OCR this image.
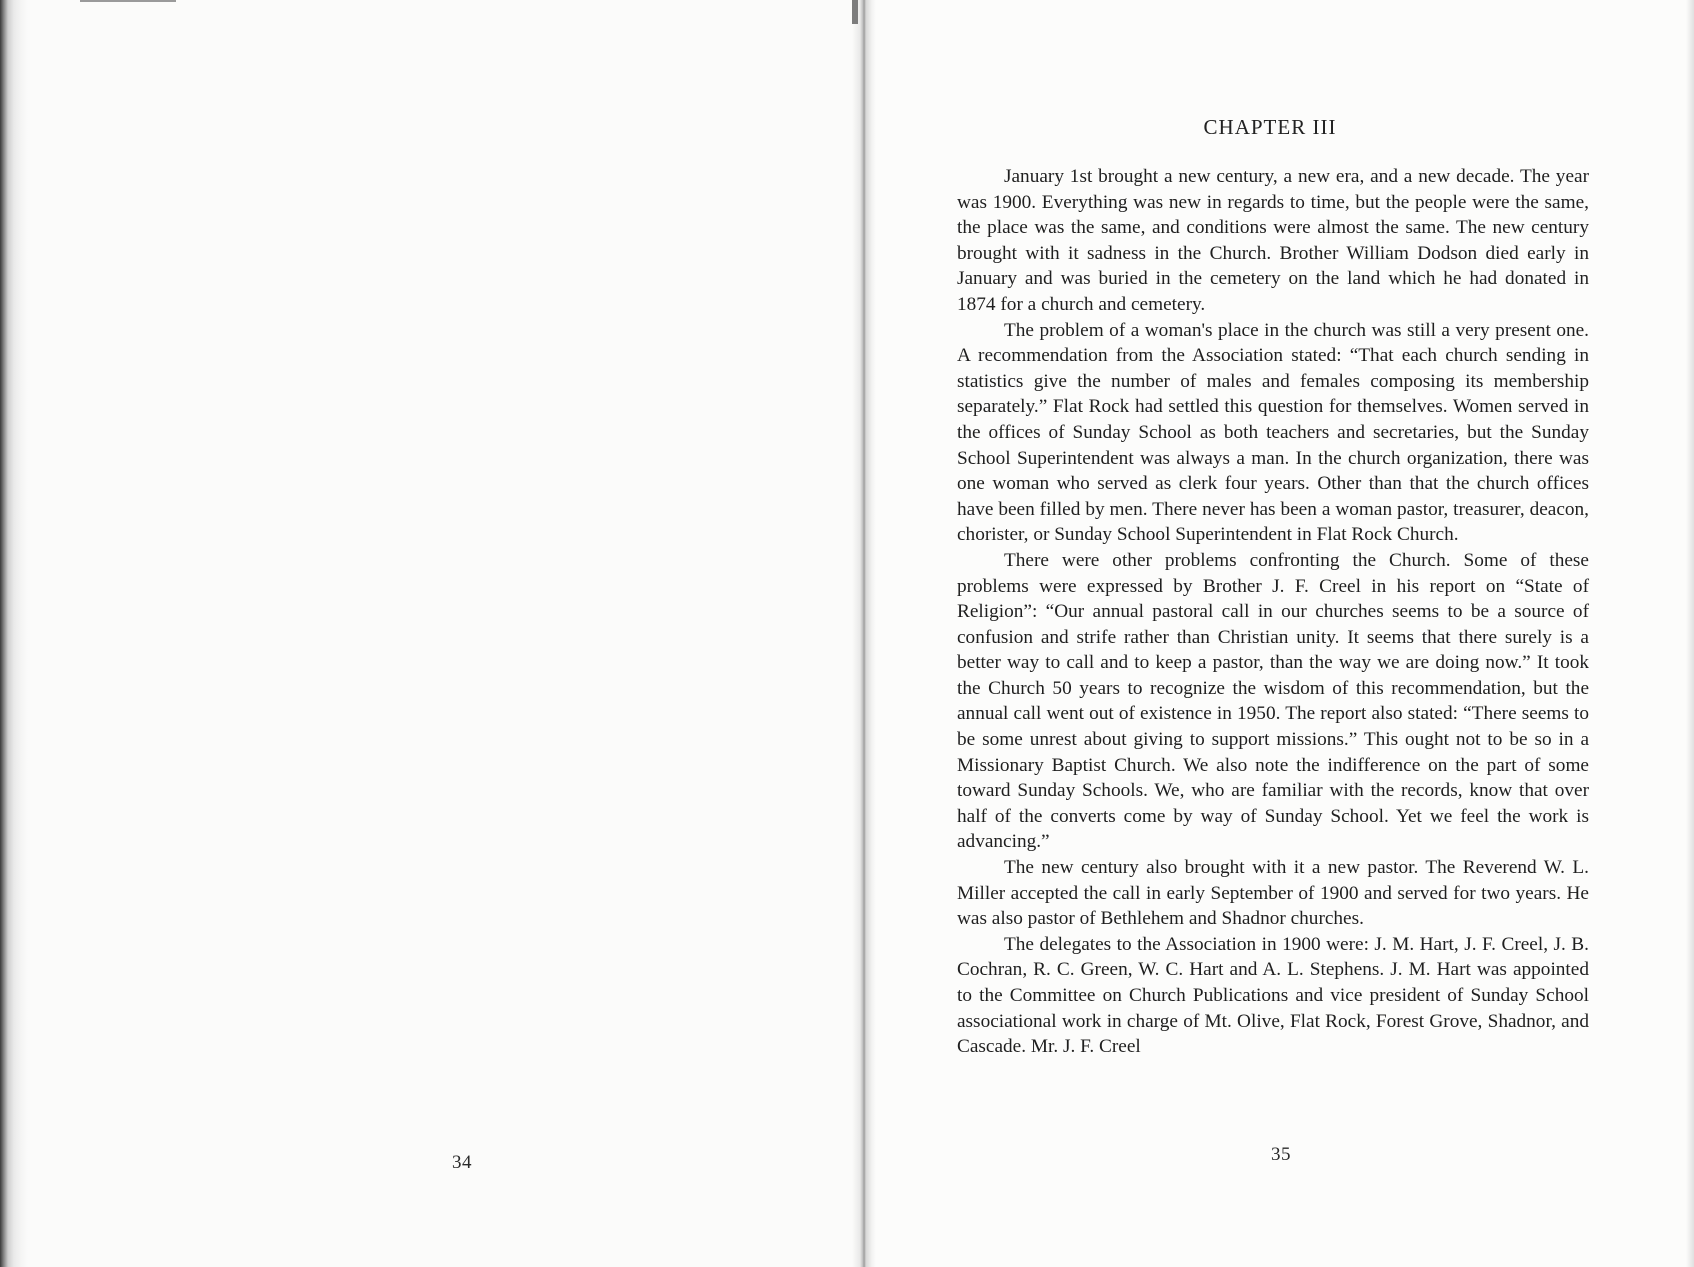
34
CHAPTER III

January 1st brought a new century, a new era, and a new decade. The year was 1900. Everything was new in regards to time, but the people were the same, the place was the same, and conditions were almost the same. The new century brought with it sadness in the Church. Brother William Dodson died early in January and was buried in the cemetery on the land which he had donated in 1874 for a church and cemetery.

The problem of a woman's place in the church was still a very present one. A recommendation from the Association stated: “That each church sending in statistics give the number of males and females composing its membership separately.” Flat Rock had settled this question for themselves. Women served in the offices of Sunday School as both teachers and secretaries, but the Sunday School Superintendent was always a man. In the church organization, there was one woman who served as clerk four years. Other than that the church offices have been filled by men. There never has been a woman pastor, treasurer, deacon, chorister, or Sunday School Superintendent in Flat Rock Church.

There were other problems confronting the Church. Some of these problems were expressed by Brother J. F. Creel in his report on “State of Religion”: “Our annual pastoral call in our churches seems to be a source of confusion and strife rather than Christian unity. It seems that there surely is a better way to call and to keep a pastor, than the way we are doing now.” It took the Church 50 years to recognize the wisdom of this recommendation, but the annual call went out of existence in 1950. The report also stated: “There seems to be some unrest about giving to support missions.” This ought not to be so in a Missionary Baptist Church. We also note the indifference on the part of some toward Sunday Schools. We, who are familiar with the records, know that over half of the converts come by way of Sunday School. Yet we feel the work is advancing.”

The new century also brought with it a new pastor. The Reverend W. L. Miller accepted the call in early September of 1900 and served for two years. He was also pastor of Bethlehem and Shadnor churches.

The delegates to the Association in 1900 were: J. M. Hart, J. F. Creel, J. B. Cochran, R. C. Green, W. C. Hart and A. L. Stephens. J. M. Hart was appointed to the Committee on Church Publications and vice president of Sunday School associational work in charge of Mt. Olive, Flat Rock, Forest Grove, Shadnor, and Cascade. Mr. J. F. Creel

35
